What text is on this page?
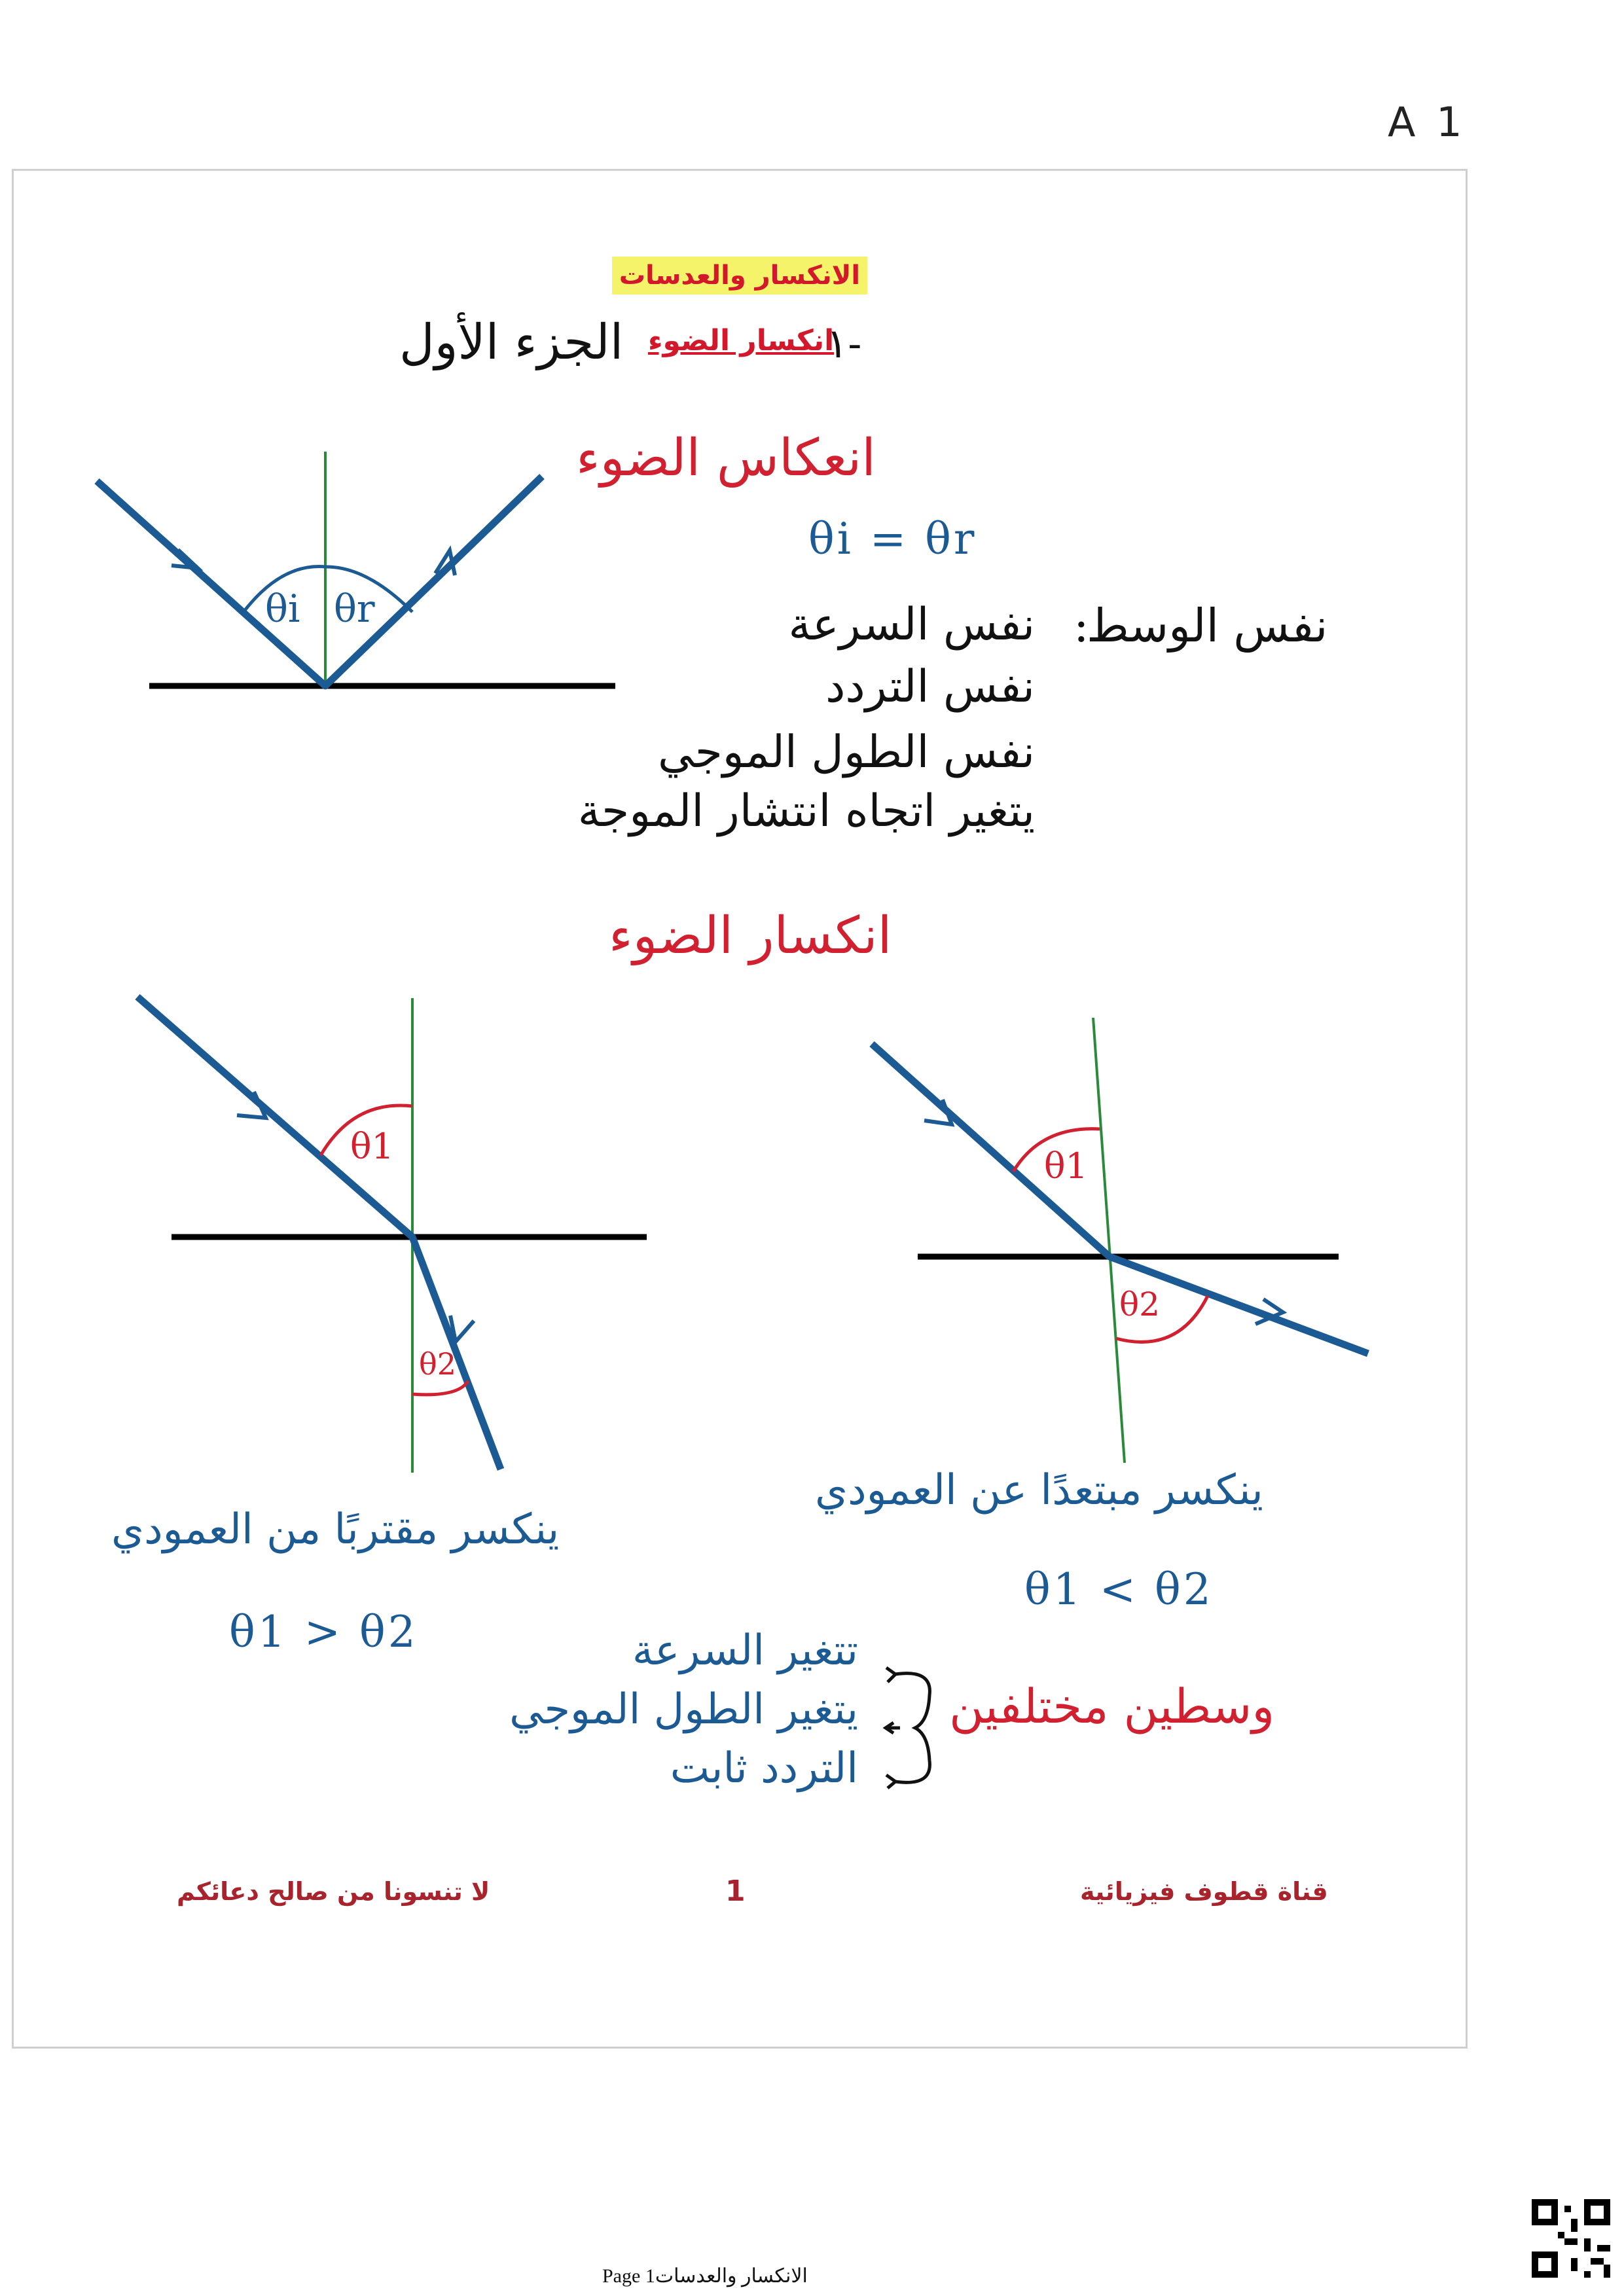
A 1
الانكسار والعدسات
١-
انكسار الضوء
الجزء الأول
انعكاس الضوء
θi = θr
نفس الوسط
:
نفس السرعة
نفس التردد
نفس الطول الموجي
يتغير اتجاه انتشار الموجة
انكسار الضوء
θi θr
θ1
θ2
θ1
θ2
ينكسر مقتربًا من العمودي
θ1 > θ2
ينكسر مبتعدًا عن العمودي
θ1 < θ2
تتغير السرعة
يتغير الطول الموجي
التردد ثابت
وسطين مختلفين
لا تنسونا من صالح دعائكم	1	قناة قطوف فيزيائية
الانكسار والعدسات1 Page
